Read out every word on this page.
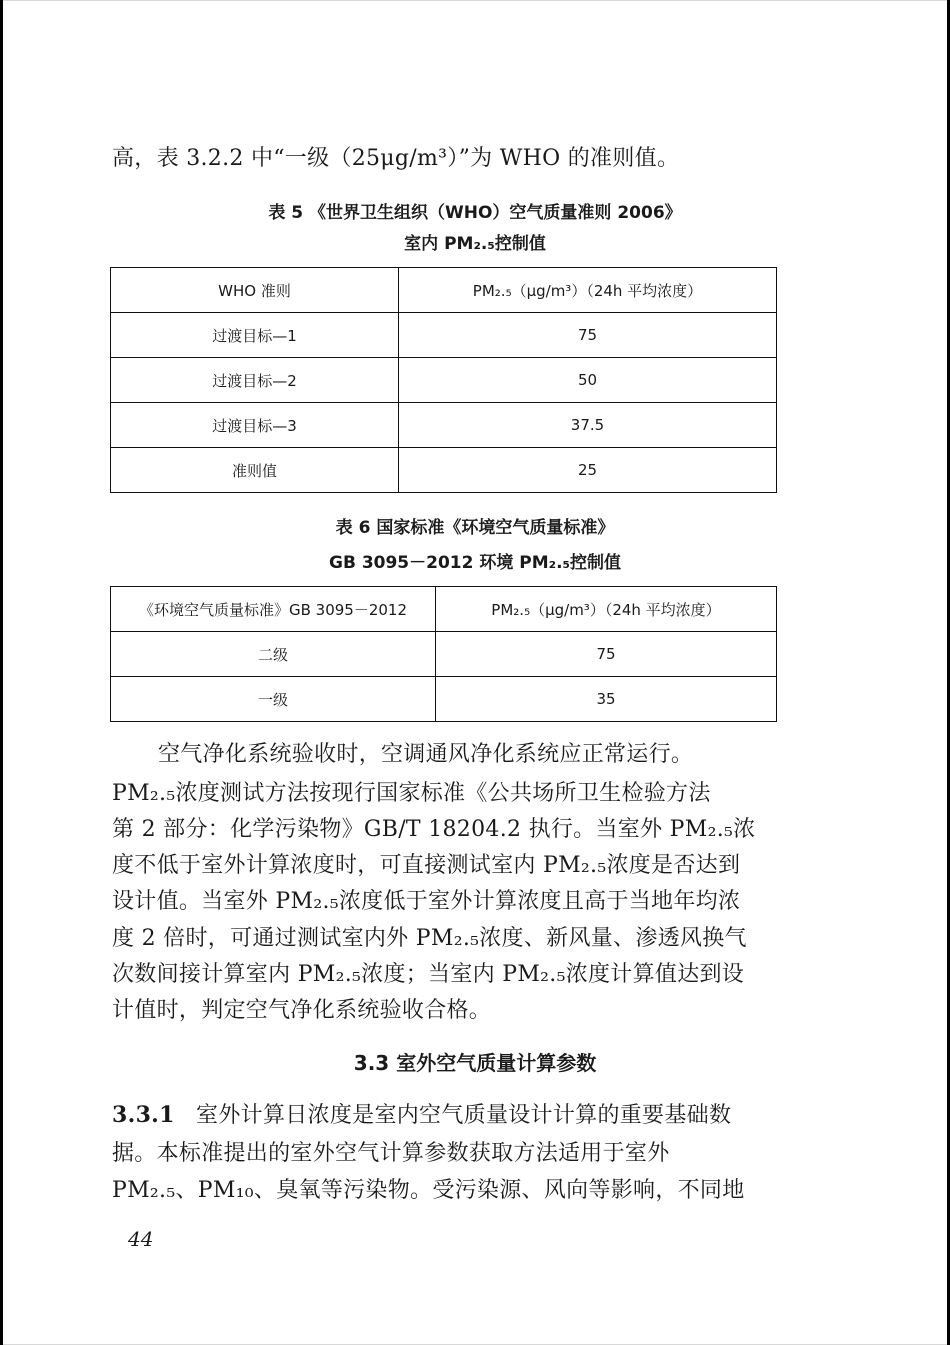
高，表 3.2.2 中“一级（25μg/m³）”为 WHO 的准则值。
表 5 《世界卫生组织（WHO）空气质量准则 2006》
室内 PM₂.₅控制值
WHO 准则	PM₂.₅（μg/m³）（24h 平均浓度）
过渡目标—1	75
过渡目标—2	50
过渡目标—3	37.5
准则值	25
表 6 国家标准《环境空气质量标准》
GB 3095－2012 环境 PM₂.₅控制值
《环境空气质量标准》GB 3095－2012	PM₂.₅（μg/m³）（24h 平均浓度）
二级	75
一级	35
空气净化系统验收时，空调通风净化系统应正常运行。
PM₂.₅浓度测试方法按现行国家标准《公共场所卫生检验方法
第 2 部分：化学污染物》GB/T 18204.2 执行。当室外 PM₂.₅浓
度不低于室外计算浓度时，可直接测试室内 PM₂.₅浓度是否达到
设计值。当室外 PM₂.₅浓度低于室外计算浓度且高于当地年均浓
度 2 倍时，可通过测试室内外 PM₂.₅浓度、新风量、渗透风换气
次数间接计算室内 PM₂.₅浓度；当室内 PM₂.₅浓度计算值达到设
计值时，判定空气净化系统验收合格。
3.3 室外空气质量计算参数
3.3.1 室外计算日浓度是室内空气质量设计计算的重要基础数
据。本标准提出的室外空气计算参数获取方法适用于室外
PM₂.₅、PM₁₀、臭氧等污染物。受污染源、风向等影响，不同地
44
